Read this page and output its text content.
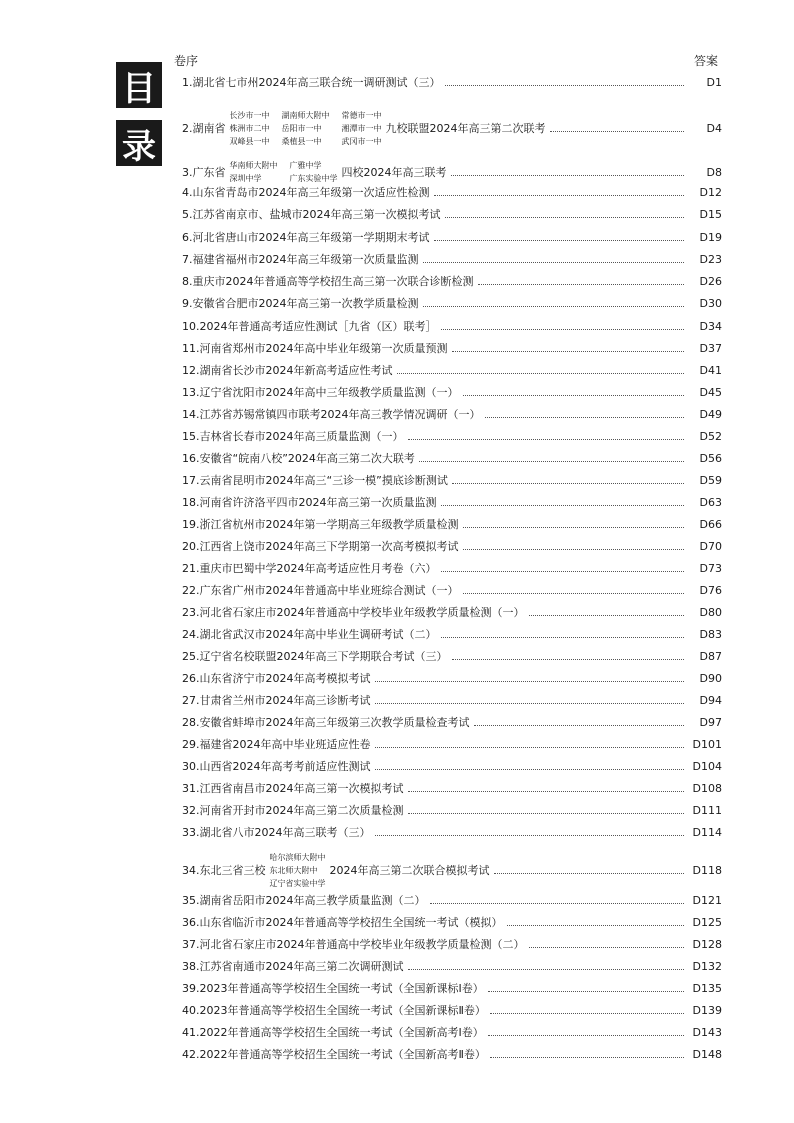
目
录
卷序	答案
1.湖北省七市州2024年高三联合统一调研测试（三）	D1
2.湖南省
长沙市一中 湖南师大附中 常德市一中
株洲市二中 岳阳市一中	湘潭市一中
双峰县一中 桑植县一中	武冈市一中
九校联盟2024年高三第二次联考	D4
3.广东省
华南师大附中 广雅中学
深圳中学	广东实验中学 四校2024年高三联考	D8
4.山东省青岛市2024年高三年级第一次适应性检测	D12
5.江苏省南京市、盐城市2024年高三第一次模拟考试	D15
6.河北省唐山市2024年高三年级第一学期期末考试	D19
7.福建省福州市2024年高三年级第一次质量监测	D23
8.重庆市2024年普通高等学校招生高三第一次联合诊断检测	D26
9.安徽省合肥市2024年高三第一次教学质量检测	D30
10.2024年普通高考适应性测试［九省（区）联考］	D34
11.河南省郑州市2024年高中毕业年级第一次质量预测	D37
12.湖南省长沙市2024年新高考适应性考试	D41
13.辽宁省沈阳市2024年高中三年级教学质量监测（一）	D45
14.江苏省苏锡常镇四市联考2024年高三教学情况调研（一）	D49
15.吉林省长春市2024年高三质量监测（一）	D52
16.安徽省“皖南八校”2024年高三第二次大联考	D56
17.云南省昆明市2024年高三“三诊一模”摸底诊断测试	D59
18.河南省许济洛平四市2024年高三第一次质量监测	D63
19.浙江省杭州市2024年第一学期高三年级教学质量检测	D66
20.江西省上饶市2024年高三下学期第一次高考模拟考试	D70
21.重庆市巴蜀中学2024年高考适应性月考卷（六）	D73
22.广东省广州市2024年普通高中毕业班综合测试（一）	D76
23.河北省石家庄市2024年普通高中学校毕业年级教学质量检测（一）	D80
24.湖北省武汉市2024年高中毕业生调研考试（二）	D83
25.辽宁省名校联盟2024年高三下学期联合考试（三）	D87
26.山东省济宁市2024年高考模拟考试	D90
27.甘肃省兰州市2024年高三诊断考试	D94
28.安徽省蚌埠市2024年高三年级第三次教学质量检查考试	D97
29.福建省2024年高中毕业班适应性卷	D101
30.山西省2024年高考考前适应性测试	D104
31.江西省南昌市2024年高三第一次模拟考试	D108
32.河南省开封市2024年高三第二次质量检测	D111
33.湖北省八市2024年高三联考（三）	D114
34.东北三省三校
哈尔滨师大附中
东北师大附中
辽宁省实验中学
2024年高三第二次联合模拟考试	D118
35.湖南省岳阳市2024年高三教学质量监测（二）	D121
36.山东省临沂市2024年普通高等学校招生全国统一考试（模拟）	D125
37.河北省石家庄市2024年普通高中学校毕业年级教学质量检测（二）	D128
38.江苏省南通市2024年高三第二次调研测试	D132
39.2023年普通高等学校招生全国统一考试（全国新课标Ⅰ卷）	D135
40.2023年普通高等学校招生全国统一考试（全国新课标Ⅱ卷）	D139
41.2022年普通高等学校招生全国统一考试（全国新高考Ⅰ卷）	D143
42.2022年普通高等学校招生全国统一考试（全国新高考Ⅱ卷）	D148
